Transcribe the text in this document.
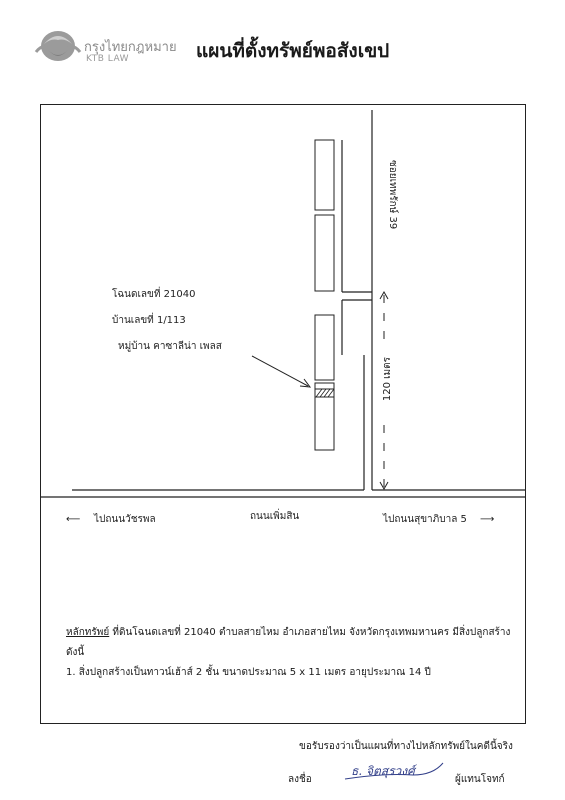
กรุงไทยกฎหมาย
KTB LAW	แผนที่ตั้งทรัพย์พอสังเขป
ซอยเทพรักษ์ 39
120 เมตร
โฉนดเลขที่ 21040
บ้านเลขที่ 1/113
หมู่บ้าน คาซาลีน่า เพลส
⟵ ไปถนนวัชรพล	ถนนเพิ่มสิน	ไปถนนสุขาภิบาล 5 ⟶
หลักทรัพย์ ที่ดินโฉนดเลขที่ 21040 ตำบลสายไหม อำเภอสายไหม จังหวัดกรุงเทพมหานคร มีสิ่งปลูกสร้างดังนี้
1. สิ่งปลูกสร้างเป็นทาวน์เฮ้าส์ 2 ชั้น ขนาดประมาณ 5 x 11 เมตร อายุประมาณ 14 ปี
ขอรับรองว่าเป็นแผนที่ทางไปหลักทรัพย์ในคดีนี้จริง
ลงชื่อ
ธ. จิตสุรวงศ์
ผู้แทนโจทก์
